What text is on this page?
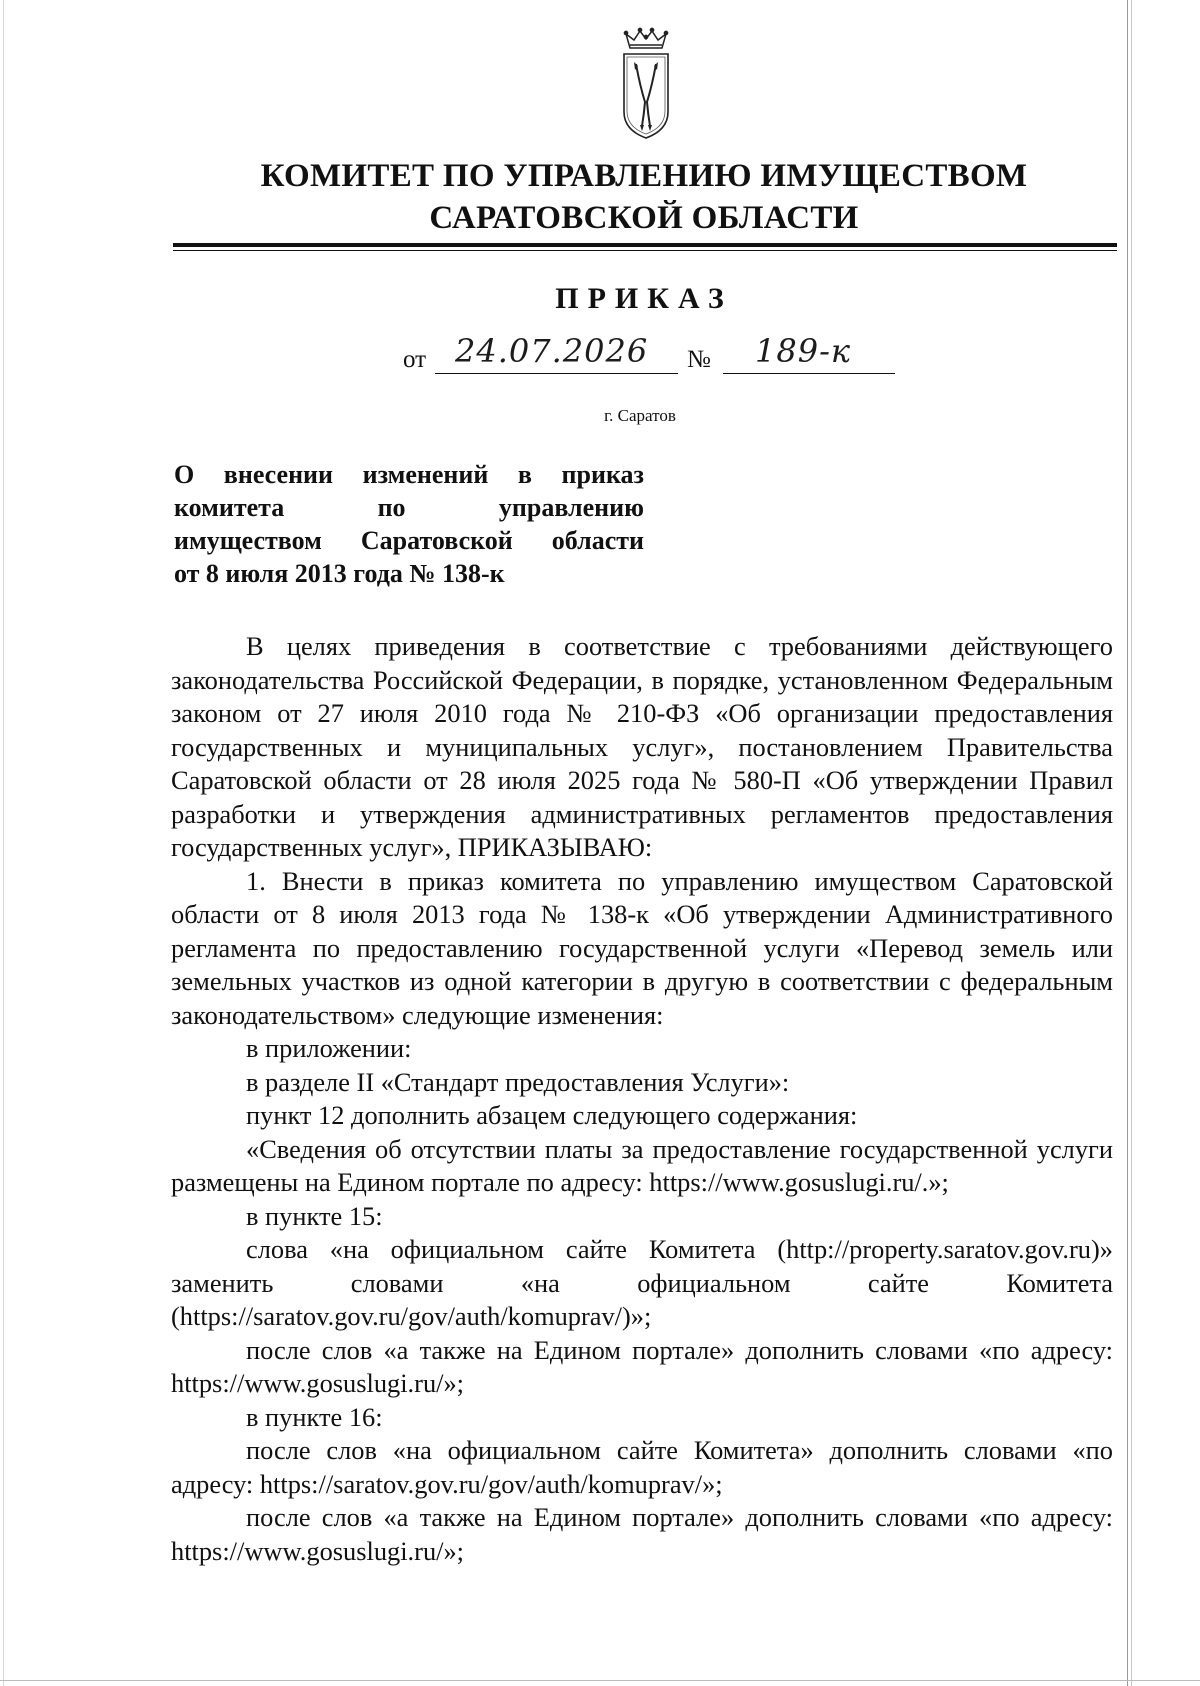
КОМИТЕТ ПО УПРАВЛЕНИЮ ИМУЩЕСТВОМ
САРАТОВСКОЙ ОБЛАСТИ
ПРИКАЗ
от 24.07.2026 № 189-к
г. Саратов
О внесении изменений в приказ
комитета по управлению
имуществом Саратовской области
от 8 июля 2013 года № 138-к

В целях приведения в соответствие с требованиями действующего законодательства Российской Федерации, в порядке, установленном Федеральным законом от 27 июля 2010 года № 210-ФЗ «Об организации предоставления государственных и муниципальных услуг», постановлением Правительства Саратовской области от 28 июля 2025 года № 580-П «Об утверждении Правил разработки и утверждения административных регламентов предоставления государственных услуг», ПРИКАЗЫВАЮ:

1. Внести в приказ комитета по управлению имуществом Саратовской области от 8 июля 2013 года № 138-к «Об утверждении Административного регламента по предоставлению государственной услуги «Перевод земель или земельных участков из одной категории в другую в соответствии с федеральным законодательством» следующие изменения:

в приложении:

в разделе II «Стандарт предоставления Услуги»:

пункт 12 дополнить абзацем следующего содержания:

«Сведения об отсутствии платы за предоставление государственной услуги размещены на Едином портале по адресу: https://www.gosuslugi.ru/.»;

в пункте 15:

слова «на официальном сайте Комитета (http://property.saratov.gov.ru)» заменить словами «на официальном сайте Комитета (https://saratov.gov.ru/gov/auth/komuprav/)»;

после слов «а также на Едином портале» дополнить словами «по адресу: https://www.gosuslugi.ru/»;

в пункте 16:

после слов «на официальном сайте Комитета» дополнить словами «по адресу: https://saratov.gov.ru/gov/auth/komuprav/»;

после слов «а также на Едином портале» дополнить словами «по адресу: https://www.gosuslugi.ru/»;
